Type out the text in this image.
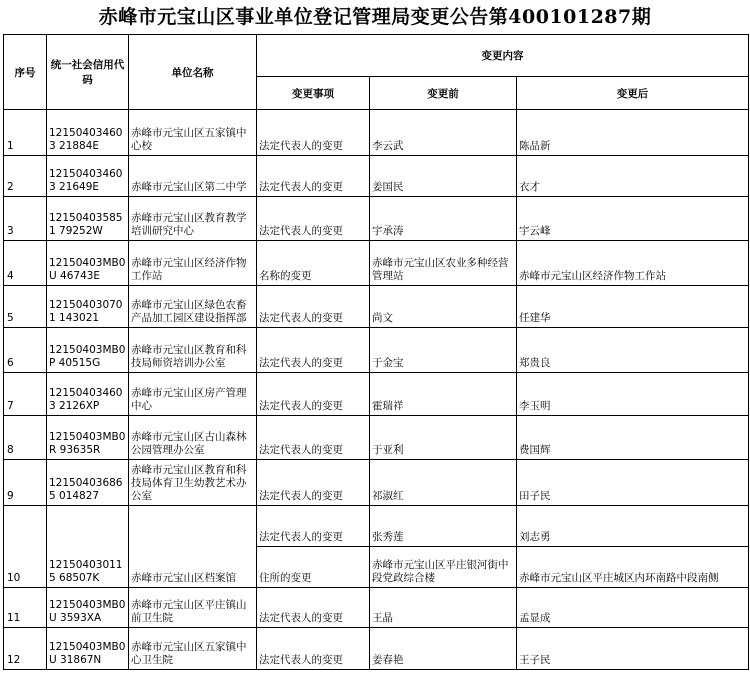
赤峰市元宝山区事业单位登记管理局变更公告第400101287期
序号	统一社会信用代码	单位名称	变更内容		
			变更事项	变更前	变更后
1	121504034603 21884E	赤峰市元宝山区五家镇中心校	法定代表人的变更	李云武	陈品新
2	121504034603 21649E	赤峰市元宝山区第二中学	法定代表人的变更	姜国民	衣才
3	121504035851 79252W	赤峰市元宝山区教育教学培训研究中心	法定代表人的变更	宇承涛	宇云峰
4	12150403MB0U 46743E	赤峰市元宝山区经济作物工作站	名称的变更	赤峰市元宝山区农业多种经营管理站	赤峰市元宝山区经济作物工作站
5	121504030701 143021	赤峰市元宝山区绿色农畜产品加工园区建设指挥部	法定代表人的变更	尚文	任建华
6	12150403MB0P 40515G	赤峰市元宝山区教育和科技局师资培训办公室	法定代表人的变更	于金宝	郑贵良
7	121504034603 2126XP	赤峰市元宝山区房产管理中心	法定代表人的变更	霍瑞祥	李玉明
8	12150403MB0R 93635R	赤峰市元宝山区古山森林公园管理办公室	法定代表人的变更	于亚利	费国辉
9	121504036865 014827	赤峰市元宝山区教育和科技局体育卫生幼教艺术办公室	法定代表人的变更	祁淑红	田子民
10	121504030115 68507K	赤峰市元宝山区档案馆	法定代表人的变更	张秀莲	刘志勇
			住所的变更	赤峰市元宝山区平庄银河街中段党政综合楼	赤峰市元宝山区平庄城区内环南路中段南侧
11	12150403MB0U 3593XA	赤峰市元宝山区平庄镇山前卫生院	法定代表人的变更	王晶	孟显成
12	12150403MB0U 31867N	赤峰市元宝山区五家镇中心卫生院	法定代表人的变更	姜春艳	王子民
